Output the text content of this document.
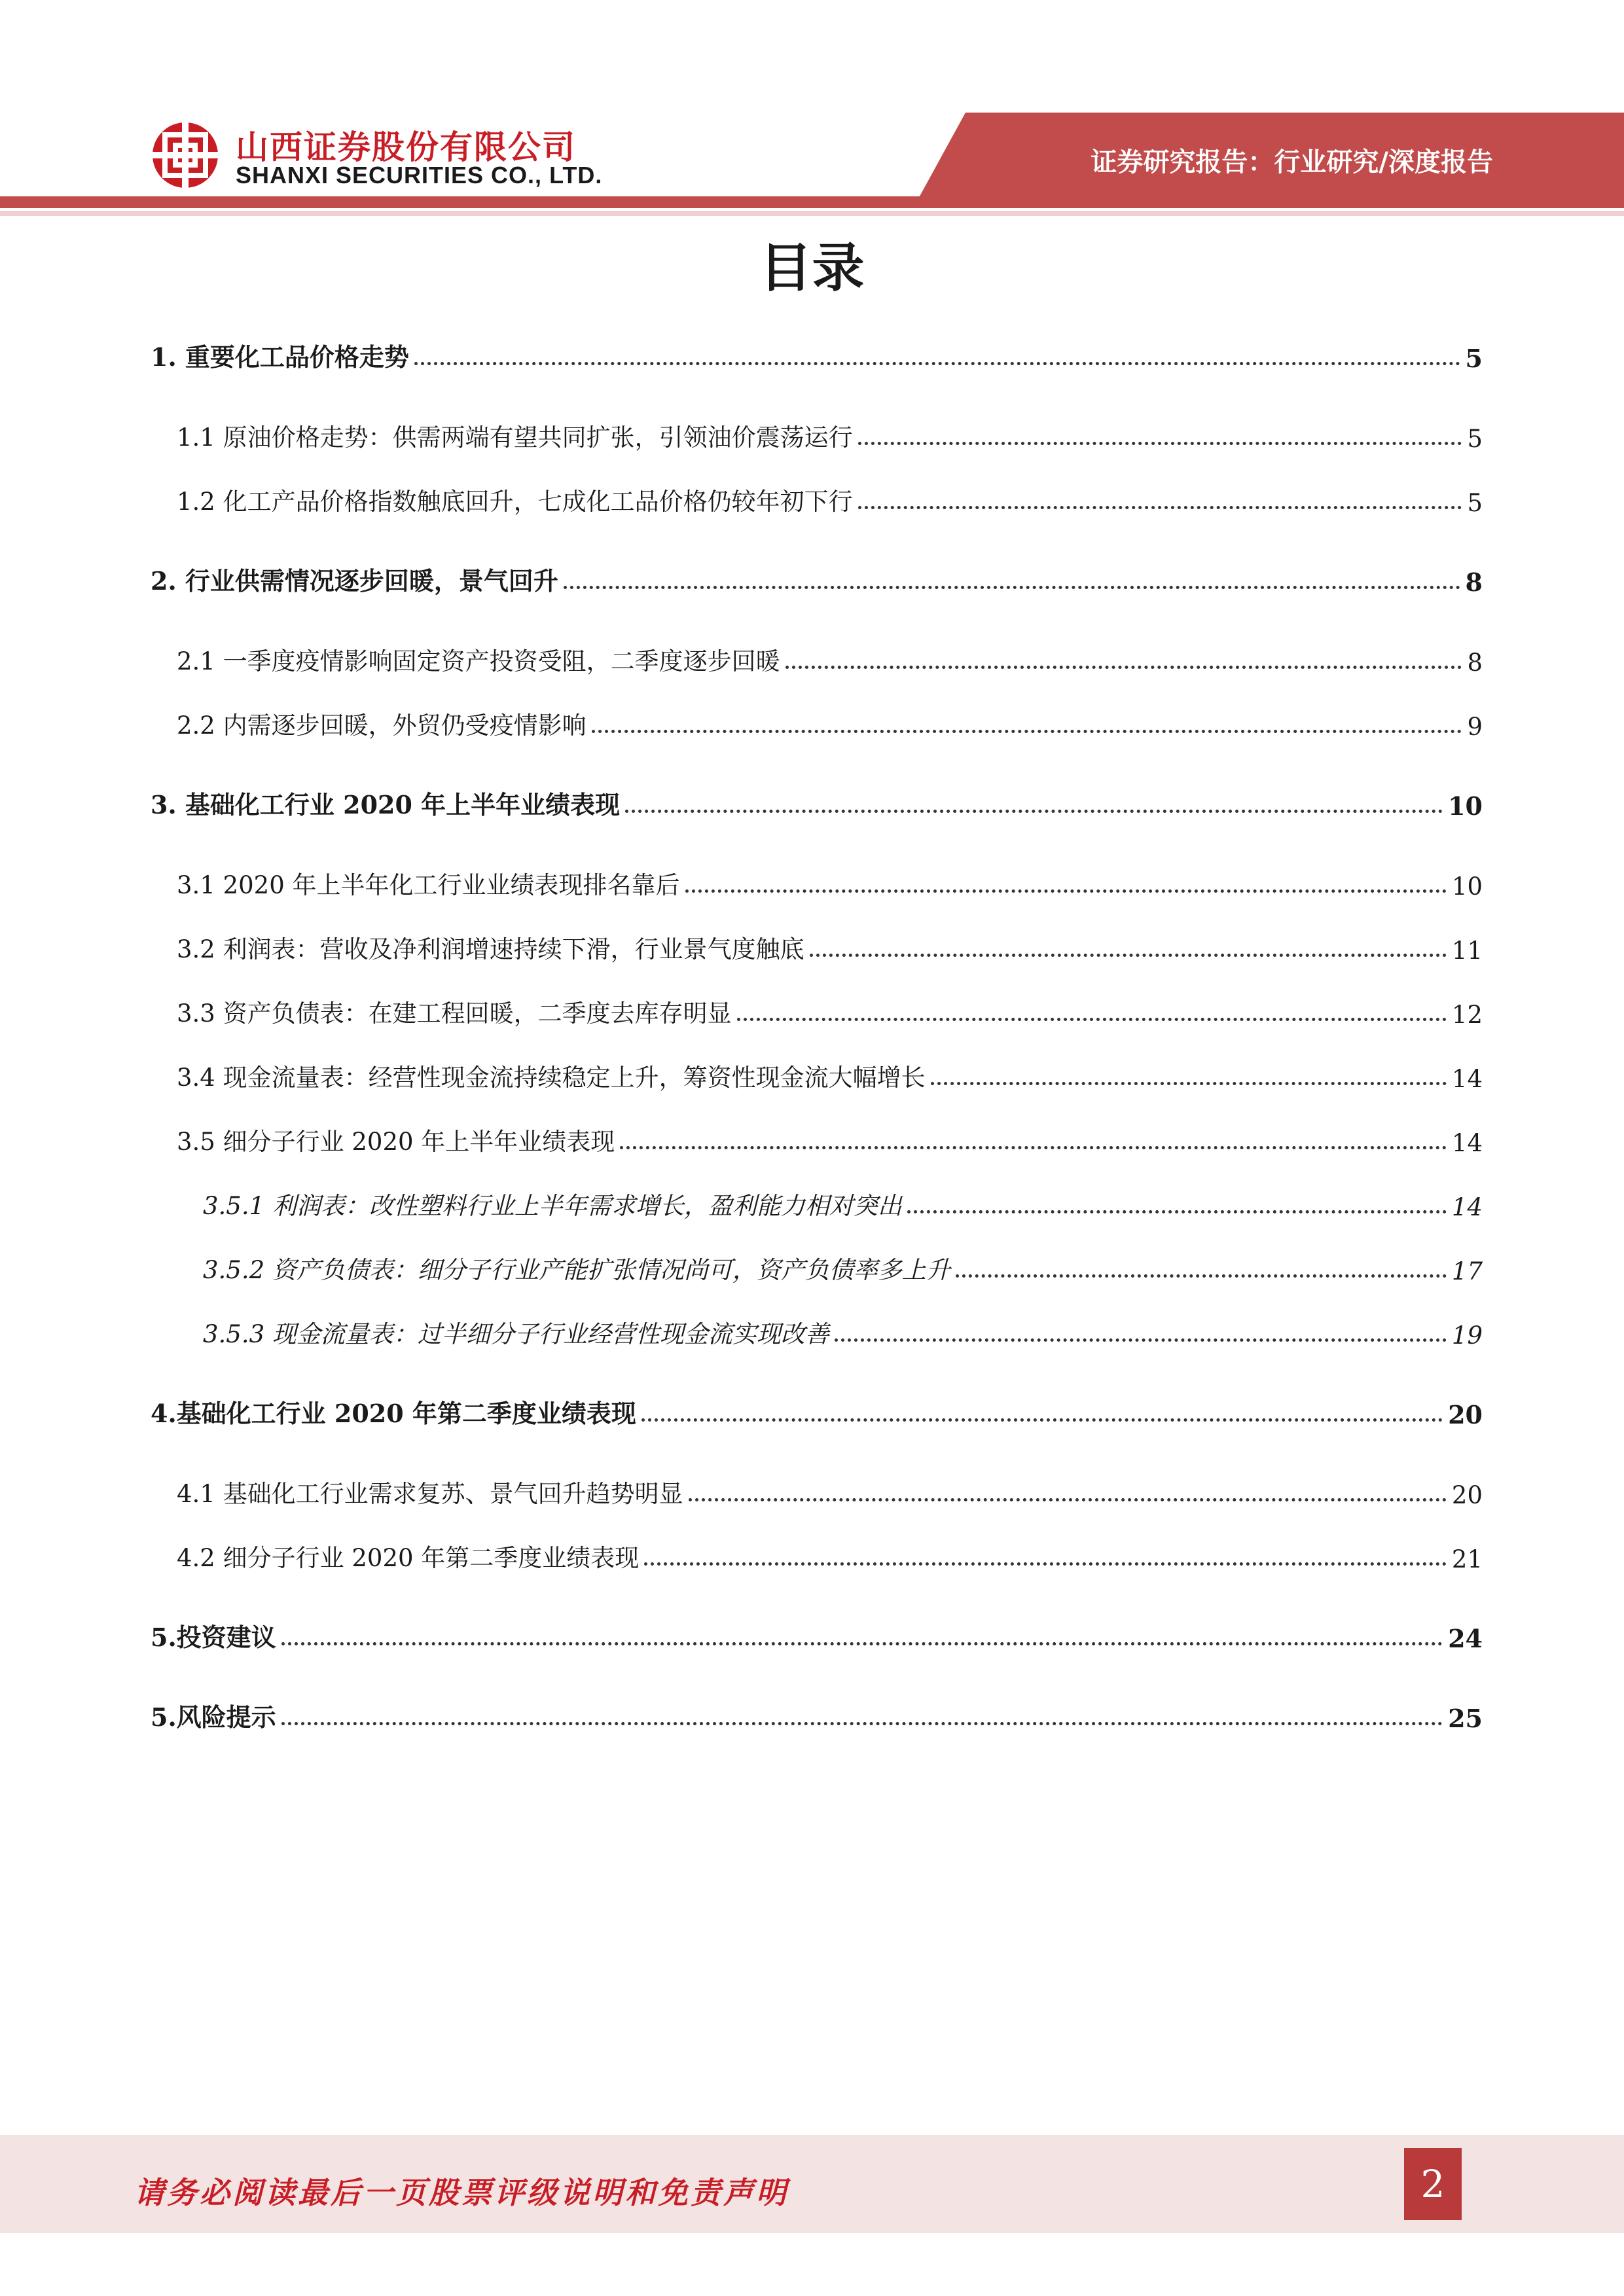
山西证券股份有限公司
SHANXI SECURITIES CO., LTD.	证券研究报告：行业研究/深度报告
目录
1. 重要化工品价格走势	5
1.1 原油价格走势：供需两端有望共同扩张，引领油价震荡运行	5
1.2 化工产品价格指数触底回升，七成化工品价格仍较年初下行	5
2. 行业供需情况逐步回暖，景气回升	8
2.1 一季度疫情影响固定资产投资受阻，二季度逐步回暖	8
2.2 内需逐步回暖，外贸仍受疫情影响	9
3. 基础化工行业 2020 年上半年业绩表现	10
3.1 2020 年上半年化工行业业绩表现排名靠后	10
3.2 利润表：营收及净利润增速持续下滑，行业景气度触底	11
3.3 资产负债表：在建工程回暖，二季度去库存明显	12
3.4 现金流量表：经营性现金流持续稳定上升，筹资性现金流大幅增长	14
3.5 细分子行业 2020 年上半年业绩表现	14
3.5.1 利润表：改性塑料行业上半年需求增长，盈利能力相对突出	14
3.5.2 资产负债表：细分子行业产能扩张情况尚可，资产负债率多上升	17
3.5.3 现金流量表：过半细分子行业经营性现金流实现改善	19
4.基础化工行业 2020 年第二季度业绩表现	20
4.1 基础化工行业需求复苏、景气回升趋势明显	20
4.2 细分子行业 2020 年第二季度业绩表现	21
5.投资建议	24
5.风险提示	25
请务必阅读最后一页股票评级说明和免责声明	2
